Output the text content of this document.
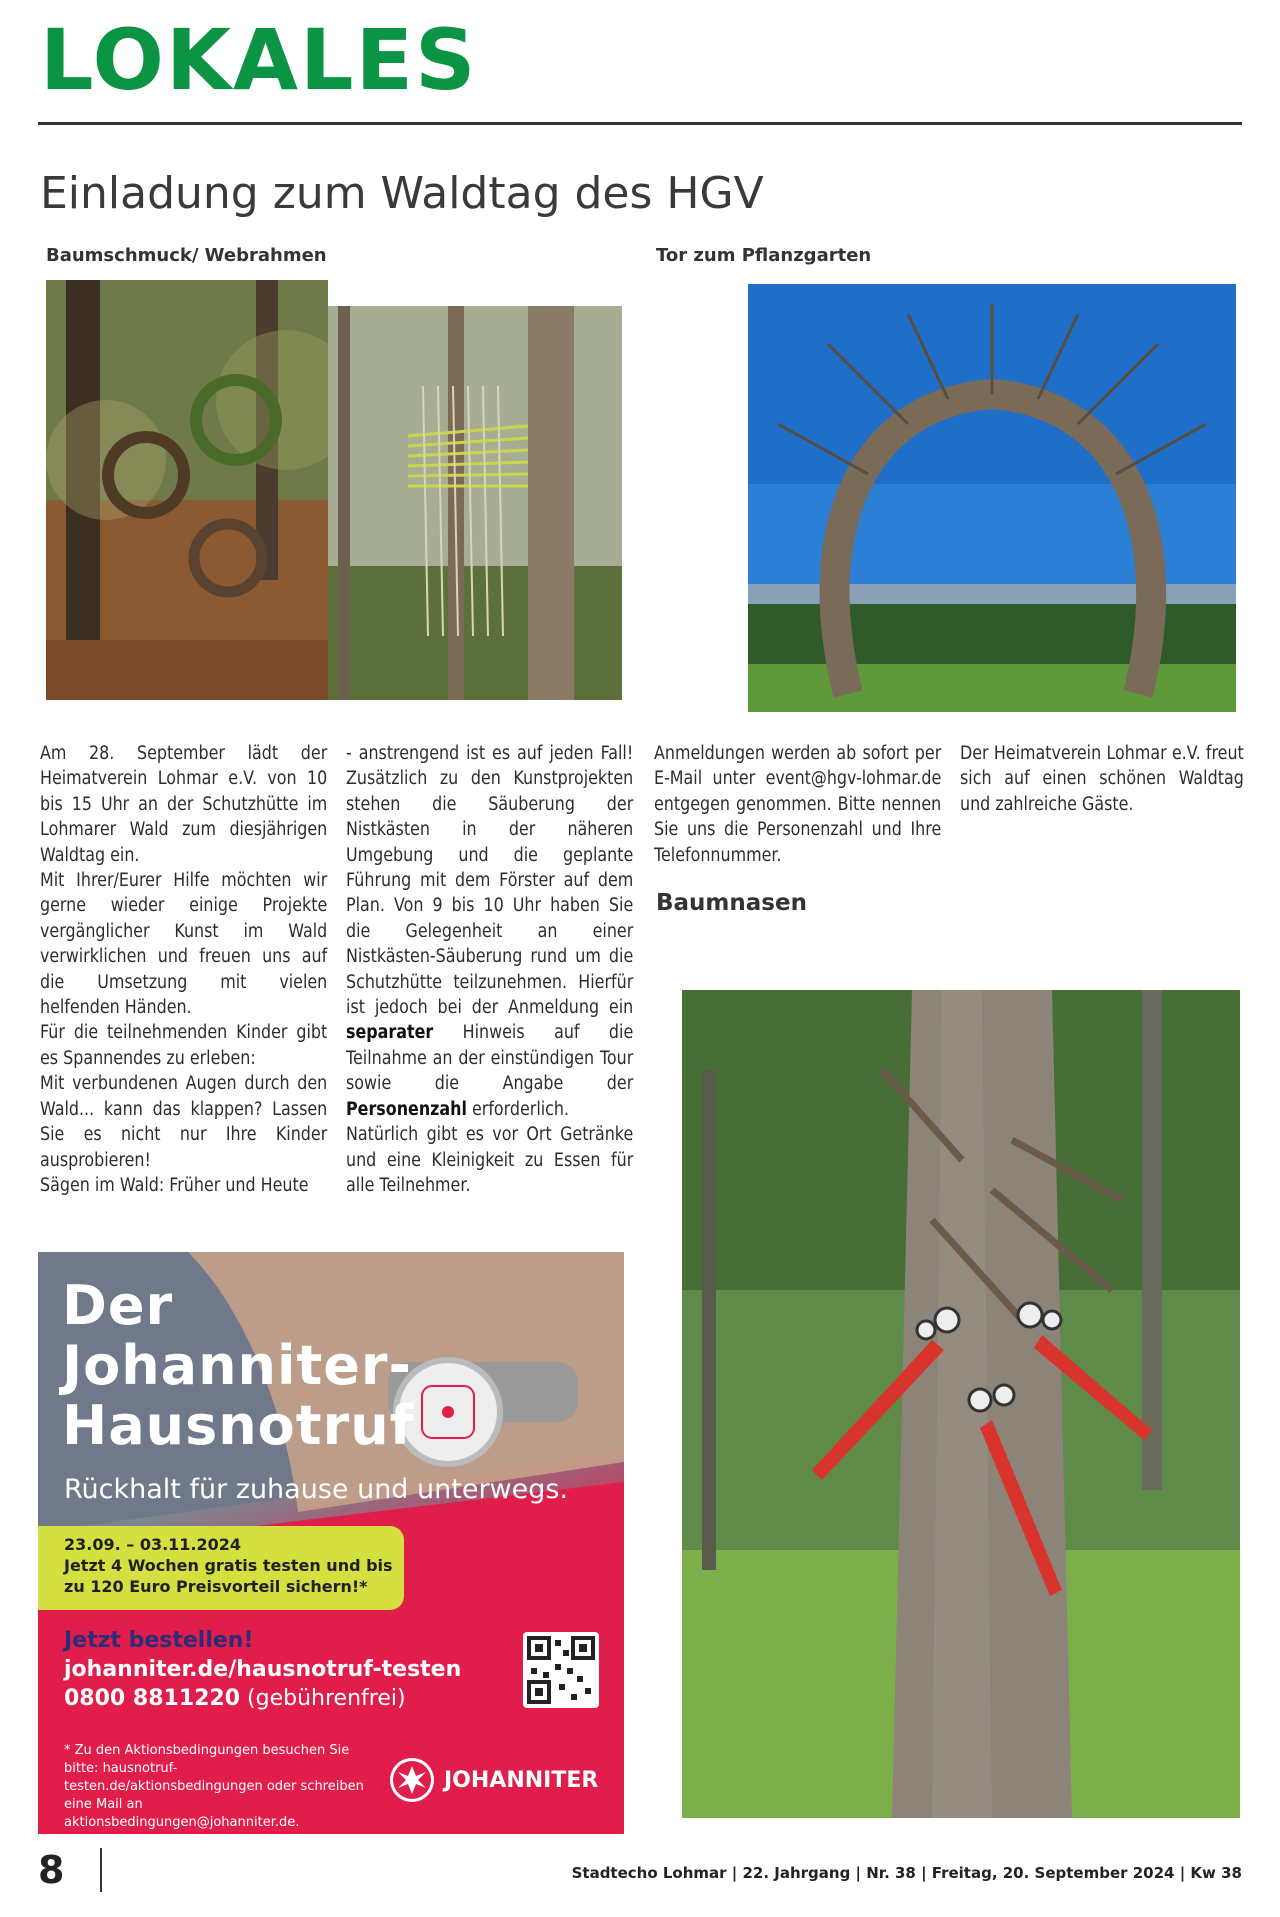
LOKALES
Einladung zum Waldtag des HGV
Baumschmuck/ Webrahmen	Tor zum Pflanzgarten

Am 28. September lädt der Heimatverein Lohmar e.V. von 10 bis 15 Uhr an der Schutzhütte im Lohmarer Wald zum diesjährigen Waldtag ein.

Mit Ihrer/Eurer Hilfe möchten wir gerne wieder einige Projekte vergänglicher Kunst im Wald verwirklichen und freuen uns auf die Umsetzung mit vielen helfenden Händen.

Für die teilnehmenden Kinder gibt es Spannendes zu erleben:

Mit verbundenen Augen durch den Wald... kann das klappen? Lassen Sie es nicht nur Ihre Kinder ausprobieren!

Sägen im Wald: Früher und Heute

- anstrengend ist es auf jeden Fall! Zusätzlich zu den Kunstprojekten stehen die Säuberung der Nistkästen in der näheren Umgebung und die geplante Führung mit dem Förster auf dem Plan. Von 9 bis 10 Uhr haben Sie die Gelegenheit an einer Nistkästen-Säuberung rund um die Schutzhütte teilzunehmen. Hierfür ist jedoch bei der Anmeldung ein separater Hinweis auf die Teilnahme an der einstündigen Tour sowie die Angabe der Personenzahl erforderlich.

Natürlich gibt es vor Ort Getränke und eine Kleinigkeit zu Essen für alle Teilnehmer.

Anmeldungen werden ab sofort per E-Mail unter event@hgv-lohmar.de entgegen genommen. Bitte nennen Sie uns die Personenzahl und Ihre Telefonnummer.

Der Heimatverein Lohmar e.V. freut sich auf einen schönen Waldtag und zahlreiche Gäste.

Baumnasen
Der
Johanniter-
Hausnotruf
Rückhalt für zuhause und unterwegs.
23.09. – 03.11.2024
Jetzt 4 Wochen gratis testen und bis
zu 120 Euro Preisvorteil sichern!*
Jetzt bestellen!
johanniter.de/hausnotruf-testen
0800 8811220 (gebührenfrei)
* Zu den Aktionsbedingungen besuchen Sie bitte: hausnotruf-testen.de/aktionsbedingungen oder schreiben eine Mail an aktionsbedingungen@johanniter.de.
JOHANNITER
8	Stadtecho Lohmar | 22. Jahrgang | Nr. 38 | Freitag, 20. September 2024 | Kw 38
